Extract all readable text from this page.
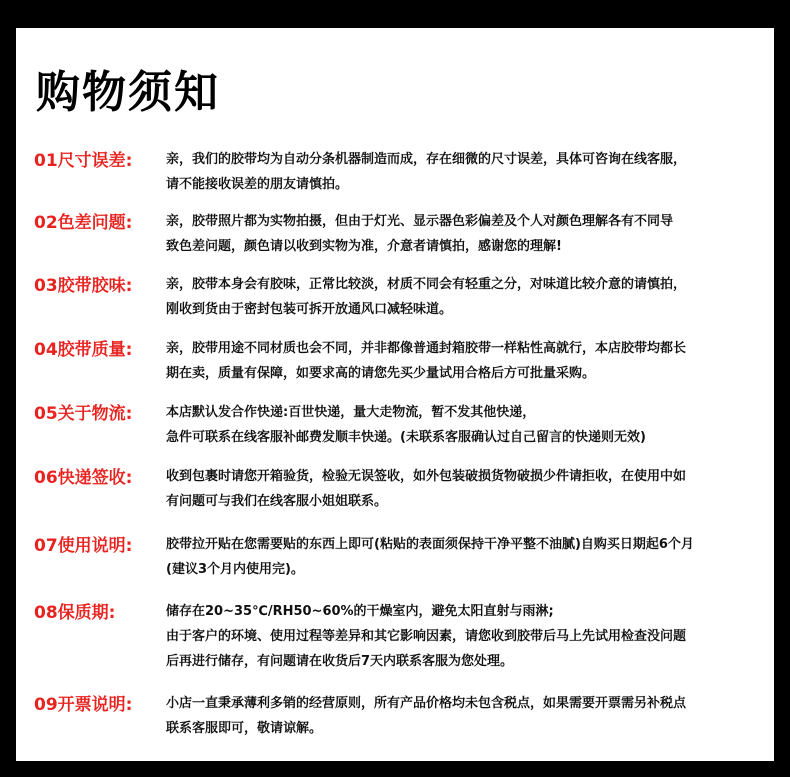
购物须知
01尺寸误差:	亲，我们的胶带均为自动分条机器制造而成，存在细微的尺寸误差，具体可咨询在线客服，
请不能接收误差的朋友请慎拍。
02色差问题:	亲，胶带照片都为实物拍摄，但由于灯光、显示器色彩偏差及个人对颜色理解各有不同导
致色差问题，颜色请以收到实物为准，介意者请慎拍，感谢您的理解!
03胶带胶味:	亲，胶带本身会有胶味，正常比较淡，材质不同会有轻重之分，对味道比较介意的请慎拍，
刚收到货由于密封包装可拆开放通风口减轻味道。
04胶带质量:	亲，胶带用途不同材质也会不同，并非都像普通封箱胶带一样粘性高就行，本店胶带均都长
期在卖，质量有保障，如要求高的请您先买少量试用合格后方可批量采购。
05关于物流:	本店默认发合作快递:百世快递，量大走物流，暂不发其他快递，
急件可联系在线客服补邮费发顺丰快递。(未联系客服确认过自己留言的快递则无效)
06快递签收:	收到包裹时请您开箱验货，检验无误签收，如外包装破损货物破损少件请拒收，在使用中如
有问题可与我们在线客服小姐姐联系。
07使用说明:	胶带拉开贴在您需要贴的东西上即可(粘贴的表面须保持干净平整不油腻)自购买日期起6个月
(建议3个月内使用完)。
08保质期:	储存在20~35℃/RH50~60%的干燥室内，避免太阳直射与雨淋;
由于客户的环境、使用过程等差异和其它影响因素，请您收到胶带后马上先试用检查没问题
后再进行储存，有问题请在收货后7天内联系客服为您处理。
09开票说明:	小店一直秉承薄利多销的经营原则，所有产品价格均未包含税点，如果需要开票需另补税点
联系客服即可，敬请谅解。
